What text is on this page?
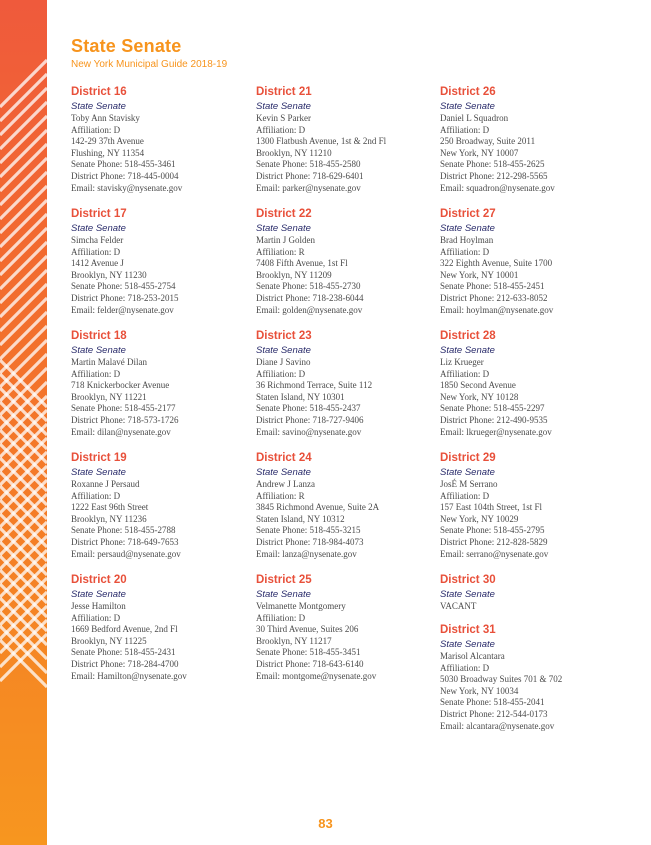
State Senate
New York Municipal Guide 2018-19
District 16
State Senate
Toby Ann Stavisky
Affiliation: D
142-29 37th Avenue
Flushing, NY 11354
Senate Phone: 518-455-3461
District Phone: 718-445-0004
Email: stavisky@nysenate.gov
District 17
State Senate
Simcha Felder
Affiliation: D
1412 Avenue J
Brooklyn, NY 11230
Senate Phone: 518-455-2754
District Phone: 718-253-2015
Email: felder@nysenate.gov
District 18
State Senate
Martin Malavé Dilan
Affiliation: D
718 Knickerbocker Avenue
Brooklyn, NY 11221
Senate Phone: 518-455-2177
District Phone: 718-573-1726
Email: dilan@nysenate.gov
District 19
State Senate
Roxanne J Persaud
Affiliation: D
1222 East 96th Street
Brooklyn, NY 11236
Senate Phone: 518-455-2788
District Phone: 718-649-7653
Email: persaud@nysenate.gov
District 20
State Senate
Jesse Hamilton
Affiliation: D
1669 Bedford Avenue, 2nd Fl
Brooklyn, NY 11225
Senate Phone: 518-455-2431
District Phone: 718-284-4700
Email: Hamilton@nysenate.gov
District 21
State Senate
Kevin S Parker
Affiliation: D
1300 Flatbush Avenue, 1st & 2nd Fl
Brooklyn, NY 11210
Senate Phone: 518-455-2580
District Phone: 718-629-6401
Email: parker@nysenate.gov
District 22
State Senate
Martin J Golden
Affiliation: R
7408 Fifth Avenue, 1st Fl
Brooklyn, NY 11209
Senate Phone: 518-455-2730
District Phone: 718-238-6044
Email: golden@nysenate.gov
District 23
State Senate
Diane J Savino
Affiliation: D
36 Richmond Terrace, Suite 112
Staten Island, NY 10301
Senate Phone: 518-455-2437
District Phone: 718-727-9406
Email: savino@nysenate.gov
District 24
State Senate
Andrew J Lanza
Affiliation: R
3845 Richmond Avenue, Suite 2A
Staten Island, NY 10312
Senate Phone: 518-455-3215
District Phone: 718-984-4073
Email: lanza@nysenate.gov
District 25
State Senate
Velmanette Montgomery
Affiliation: D
30 Third Avenue, Suites 206
Brooklyn, NY 11217
Senate Phone: 518-455-3451
District Phone: 718-643-6140
Email: montgome@nysenate.gov
District 26
State Senate
Daniel L Squadron
Affiliation: D
250 Broadway, Suite 2011
New York, NY 10007
Senate Phone: 518-455-2625
District Phone: 212-298-5565
Email: squadron@nysenate.gov
District 27
State Senate
Brad Hoylman
Affiliation: D
322 Eighth Avenue, Suite 1700
New York, NY 10001
Senate Phone: 518-455-2451
District Phone: 212-633-8052
Email: hoylman@nysenate.gov
District 28
State Senate
Liz Krueger
Affiliation: D
1850 Second Avenue
New York, NY 10128
Senate Phone: 518-455-2297
District Phone: 212-490-9535
Email: lkrueger@nysenate.gov
District 29
State Senate
JosÉ M Serrano
Affiliation: D
157 East 104th Street, 1st Fl
New York, NY 10029
Senate Phone: 518-455-2795
District Phone: 212-828-5829
Email: serrano@nysenate.gov
District 30
State Senate
VACANT
District 31
State Senate
Marisol Alcantara
Affiliation: D
5030 Broadway Suites 701 & 702
New York, NY 10034
Senate Phone: 518-455-2041
District Phone: 212-544-0173
Email: alcantara@nysenate.gov
83
